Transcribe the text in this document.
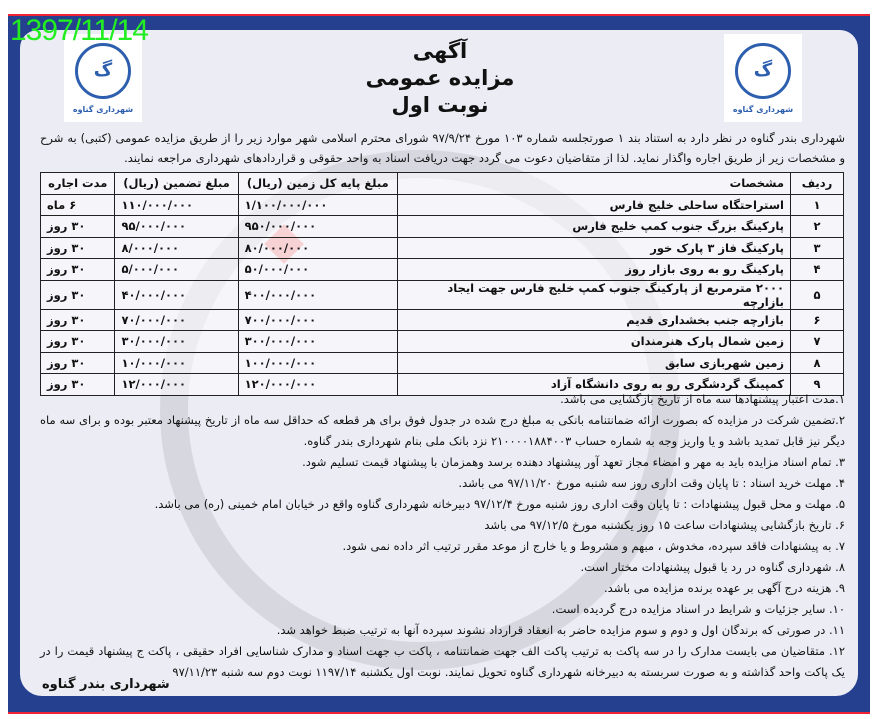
1397/11/14
گ
شهرداری گناوه
گ
شهرداری گناوه
آگهی
مزایده عمومی
نوبت اول
شهرداری بندر گناوه در نظر دارد به استناد بند ۱ صورتجلسه شماره ۱۰۳ مورخ ۹۷/۹/۲۴ شورای محترم اسلامی شهر موارد زیر را از طریق مزایده عمومی (کتبی) به شرح و مشخصات زیر از طریق اجاره واگذار نماید. لذا از متقاضیان دعوت می گردد جهت دریافت اسناد به واحد حقوقی و قراردادهای شهرداری مراجعه نمایند.
ردیف	مشخصات	مبلغ پایه کل زمین (ریال)	مبلغ تضمین (ریال)	مدت اجاره
۱	استراحتگاه ساحلی خلیج فارس	۱/۱۰۰/۰۰۰/۰۰۰	۱۱۰/۰۰۰/۰۰۰	۶ ماه
۲	پارکینگ بزرگ جنوب کمپ خلیج فارس	۹۵۰/۰۰۰/۰۰۰	۹۵/۰۰۰/۰۰۰	۳۰ روز
۳	پارکینگ فاز ۳ پارک خور	۸۰/۰۰۰/۰۰۰	۸/۰۰۰/۰۰۰	۳۰ روز
۴	پارکینگ رو به روی بازار روز	۵۰/۰۰۰/۰۰۰	۵/۰۰۰/۰۰۰	۳۰ روز
۵	۲۰۰۰ مترمربع از پارکینگ جنوب کمپ خلیج فارس جهت ایجاد بازارچه	۴۰۰/۰۰۰/۰۰۰	۴۰/۰۰۰/۰۰۰	۳۰ روز
۶	بازارچه جنب بخشداری قدیم	۷۰۰/۰۰۰/۰۰۰	۷۰/۰۰۰/۰۰۰	۳۰ روز
۷	زمین شمال پارک هنرمندان	۳۰۰/۰۰۰/۰۰۰	۳۰/۰۰۰/۰۰۰	۳۰ روز
۸	زمین شهربازی سابق	۱۰۰/۰۰۰/۰۰۰	۱۰/۰۰۰/۰۰۰	۳۰ روز
۹	کمپینگ گردشگری رو به روی دانشگاه آزاد	۱۲۰/۰۰۰/۰۰۰	۱۲/۰۰۰/۰۰۰	۳۰ روز

۱.مدت اعتبار پیشنهادها سه ماه از تاریخ بازگشایی می باشد.

۲.تضمین شرکت در مزایده که بصورت ارائه ضمانتنامه بانکی به مبلغ درج شده در جدول فوق برای هر قطعه که حداقل سه ماه از تاریخ پیشنهاد معتبر بوده و برای سه ماه دیگر نیز قابل تمدید باشد و یا واریز وجه به شماره حساب ۲۱۰۰۰۰۱۸۸۴۰۰۳ نزد بانک ملی بنام شهرداری بندر گناوه.

۳. تمام اسناد مزایده باید به مهر و امضاء مجاز تعهد آور پیشنهاد دهنده برسد وهمزمان با پیشنهاد قیمت تسلیم شود.

۴. مهلت خرید اسناد : تا پایان وقت اداری روز سه شنبه مورخ ۹۷/۱۱/۲۰ می باشد.

۵. مهلت و محل قبول پیشنهادات : تا پایان وقت اداری روز شنبه مورخ ۹۷/۱۲/۴ دبیرخانه شهرداری گناوه واقع در خیابان امام خمینی (ره) می باشد.

۶. تاریخ بازگشایی پیشنهادات ساعت ۱۵ روز یکشنبه مورخ ۹۷/۱۲/۵ می باشد

۷. به پیشنهادات فاقد سپرده، مخدوش ، مبهم و مشروط و یا خارج از موعد مقرر ترتیب اثر داده نمی شود.

۸. شهرداری گناوه در رد یا قبول پیشنهادات مختار است.

۹. هزینه درج آگهی بر عهده برنده مزایده می باشد.

۱۰. سایر جزئیات و شرایط در اسناد مزایده درج گردیده است.

۱۱. در صورتی که برندگان اول و دوم و سوم مزایده حاضر به انعقاد قرارداد نشوند سپرده آنها به ترتیب ضبط خواهد شد.

۱۲. متقاضیان می بایست مدارک را در سه پاکت به ترتیب پاکت الف جهت ضمانتنامه ، پاکت ب جهت اسناد و مدارک شناسایی افراد حقیقی ، پاکت ج پیشنهاد قیمت را در یک پاکت واحد گذاشته و به صورت سربسته به دبیرخانه شهرداری گناوه تحویل نمایند. نوبت اول یکشنبه ۱۱۹۷/۱۴ نوبت دوم سه شنبه ۹۷/۱۱/۲۳

شهرداری بندر گناوه
